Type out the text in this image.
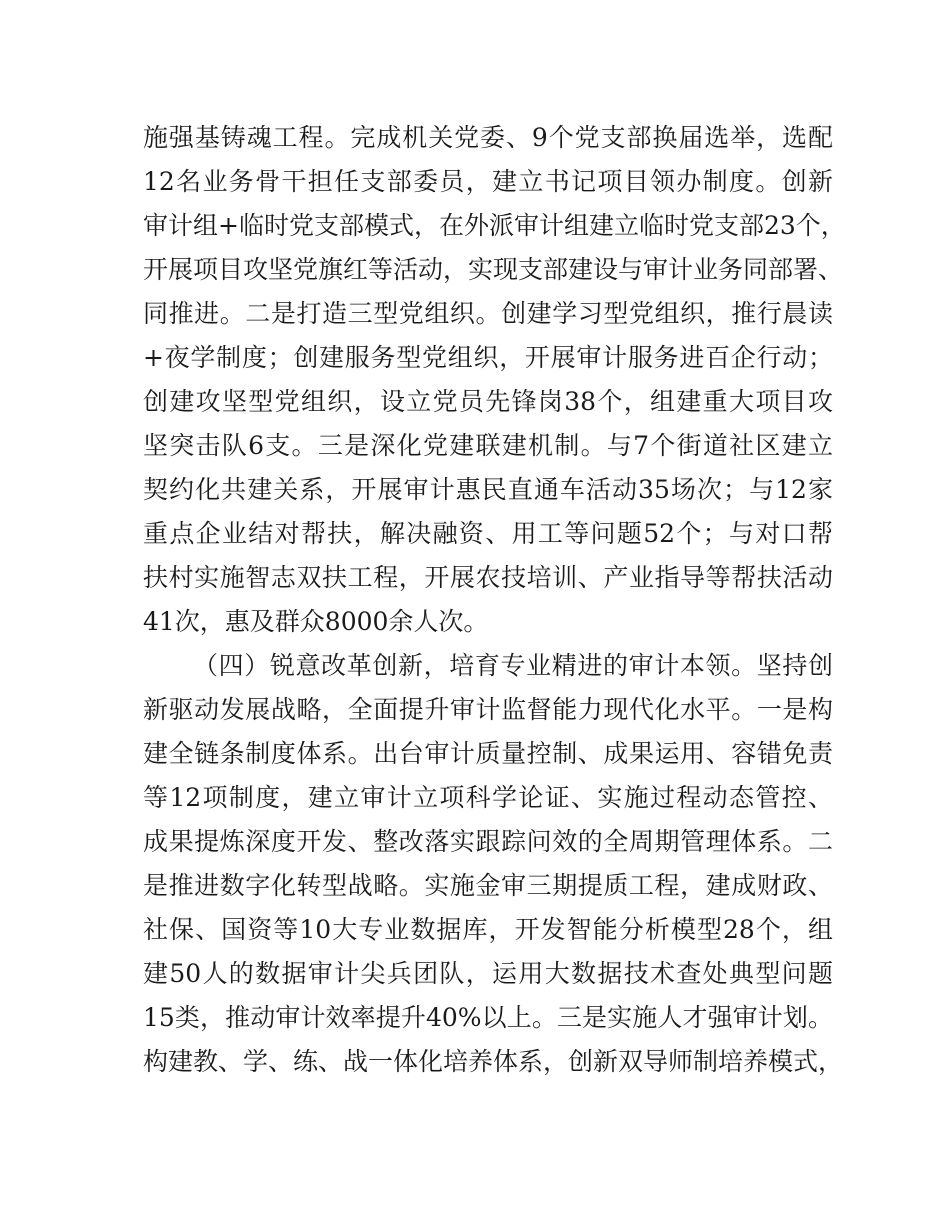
施强基铸魂工程。完成机关党委、9个党支部换届选举，选配
12名业务骨干担任支部委员，建立书记项目领办制度。创新
审计组+临时党支部模式，在外派审计组建立临时党支部23个，
开展项目攻坚党旗红等活动，实现支部建设与审计业务同部署、
同推进。二是打造三型党组织。创建学习型党组织，推行晨读
+夜学制度；创建服务型党组织，开展审计服务进百企行动；
创建攻坚型党组织，设立党员先锋岗38个，组建重大项目攻
坚突击队6支。三是深化党建联建机制。与7个街道社区建立
契约化共建关系，开展审计惠民直通车活动35场次；与12家
重点企业结对帮扶，解决融资、用工等问题52个；与对口帮
扶村实施智志双扶工程，开展农技培训、产业指导等帮扶活动
41次，惠及群众8000余人次。
（四）锐意改革创新，培育专业精进的审计本领。坚持创
新驱动发展战略，全面提升审计监督能力现代化水平。一是构
建全链条制度体系。出台审计质量控制、成果运用、容错免责
等12项制度，建立审计立项科学论证、实施过程动态管控、
成果提炼深度开发、整改落实跟踪问效的全周期管理体系。二
是推进数字化转型战略。实施金审三期提质工程，建成财政、
社保、国资等10大专业数据库，开发智能分析模型28个，组
建50人的数据审计尖兵团队，运用大数据技术查处典型问题
15类，推动审计效率提升40%以上。三是实施人才强审计划。
构建教、学、练、战一体化培养体系，创新双导师制培养模式，
